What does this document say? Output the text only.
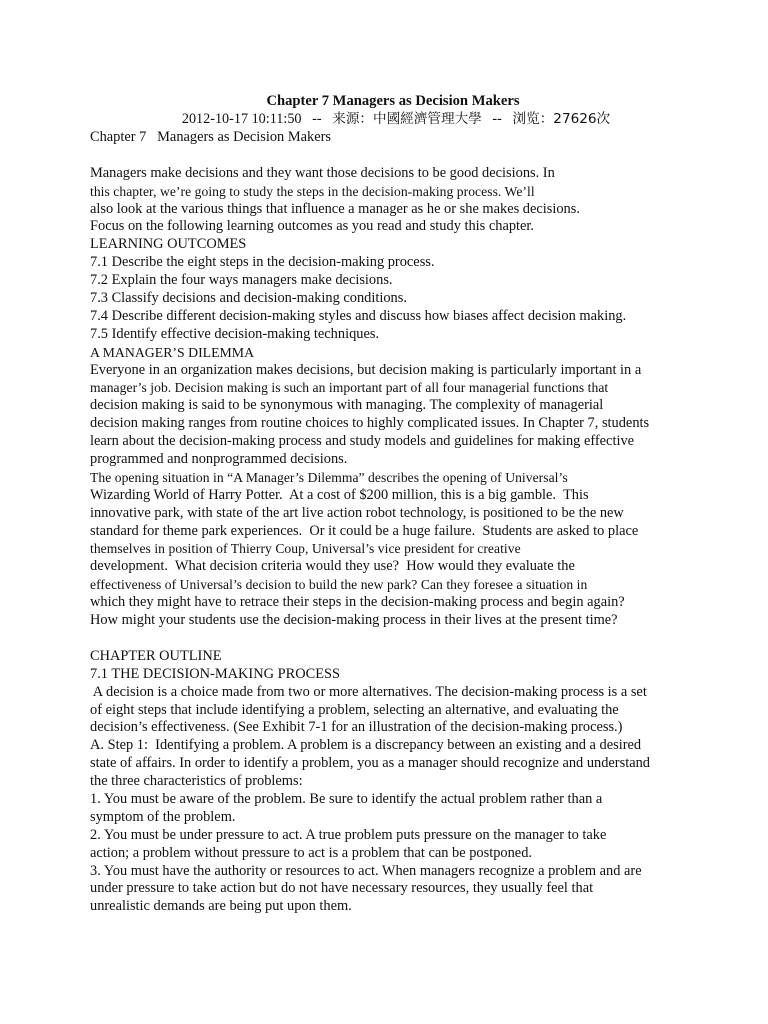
Chapter 7 Managers as Decision Makers
2012-10-17 10:11:50 -- 来源：中國經濟管理大學 -- 浏览：27626次
Chapter 7   Managers as Decision Makers
Managers make decisions and they want those decisions to be good decisions. In
this chapter, we’re going to study the steps in the decision-making process. We’ll
also look at the various things that influence a manager as he or she makes decisions.
Focus on the following learning outcomes as you read and study this chapter.
LEARNING OUTCOMES
7.1 Describe the eight steps in the decision-making process.
7.2 Explain the four ways managers make decisions.
7.3 Classify decisions and decision-making conditions.
7.4 Describe different decision-making styles and discuss how biases affect decision making.
7.5 Identify effective decision-making techniques.
A MANAGER’S DILEMMA
Everyone in an organization makes decisions, but decision making is particularly important in a
manager’s job. Decision making is such an important part of all four managerial functions that
decision making is said to be synonymous with managing. The complexity of managerial
decision making ranges from routine choices to highly complicated issues. In Chapter 7, students
learn about the decision-making process and study models and guidelines for making effective
programmed and nonprogrammed decisions.
The opening situation in “A Manager’s Dilemma” describes the opening of Universal’s
Wizarding World of Harry Potter.  At a cost of $200 million, this is a big gamble.  This
innovative park, with state of the art live action robot technology, is positioned to be the new
standard for theme park experiences.  Or it could be a huge failure.  Students are asked to place
themselves in position of Thierry Coup, Universal’s vice president for creative
development.  What decision criteria would they use?  How would they evaluate the
effectiveness of Universal’s decision to build the new park? Can they foresee a situation in
which they might have to retrace their steps in the decision-making process and begin again?
How might your students use the decision-making process in their lives at the present time?
CHAPTER OUTLINE
7.1 THE DECISION-MAKING PROCESS
A decision is a choice made from two or more alternatives. The decision-making process is a set
of eight steps that include identifying a problem, selecting an alternative, and evaluating the
decision’s effectiveness. (See Exhibit 7-1 for an illustration of the decision-making process.)
A. Step 1:  Identifying a problem. A problem is a discrepancy between an existing and a desired
state of affairs. In order to identify a problem, you as a manager should recognize and understand
the three characteristics of problems:
1. You must be aware of the problem. Be sure to identify the actual problem rather than a
symptom of the problem.
2. You must be under pressure to act. A true problem puts pressure on the manager to take
action; a problem without pressure to act is a problem that can be postponed.
3. You must have the authority or resources to act. When managers recognize a problem and are
under pressure to take action but do not have necessary resources, they usually feel that
unrealistic demands are being put upon them.
